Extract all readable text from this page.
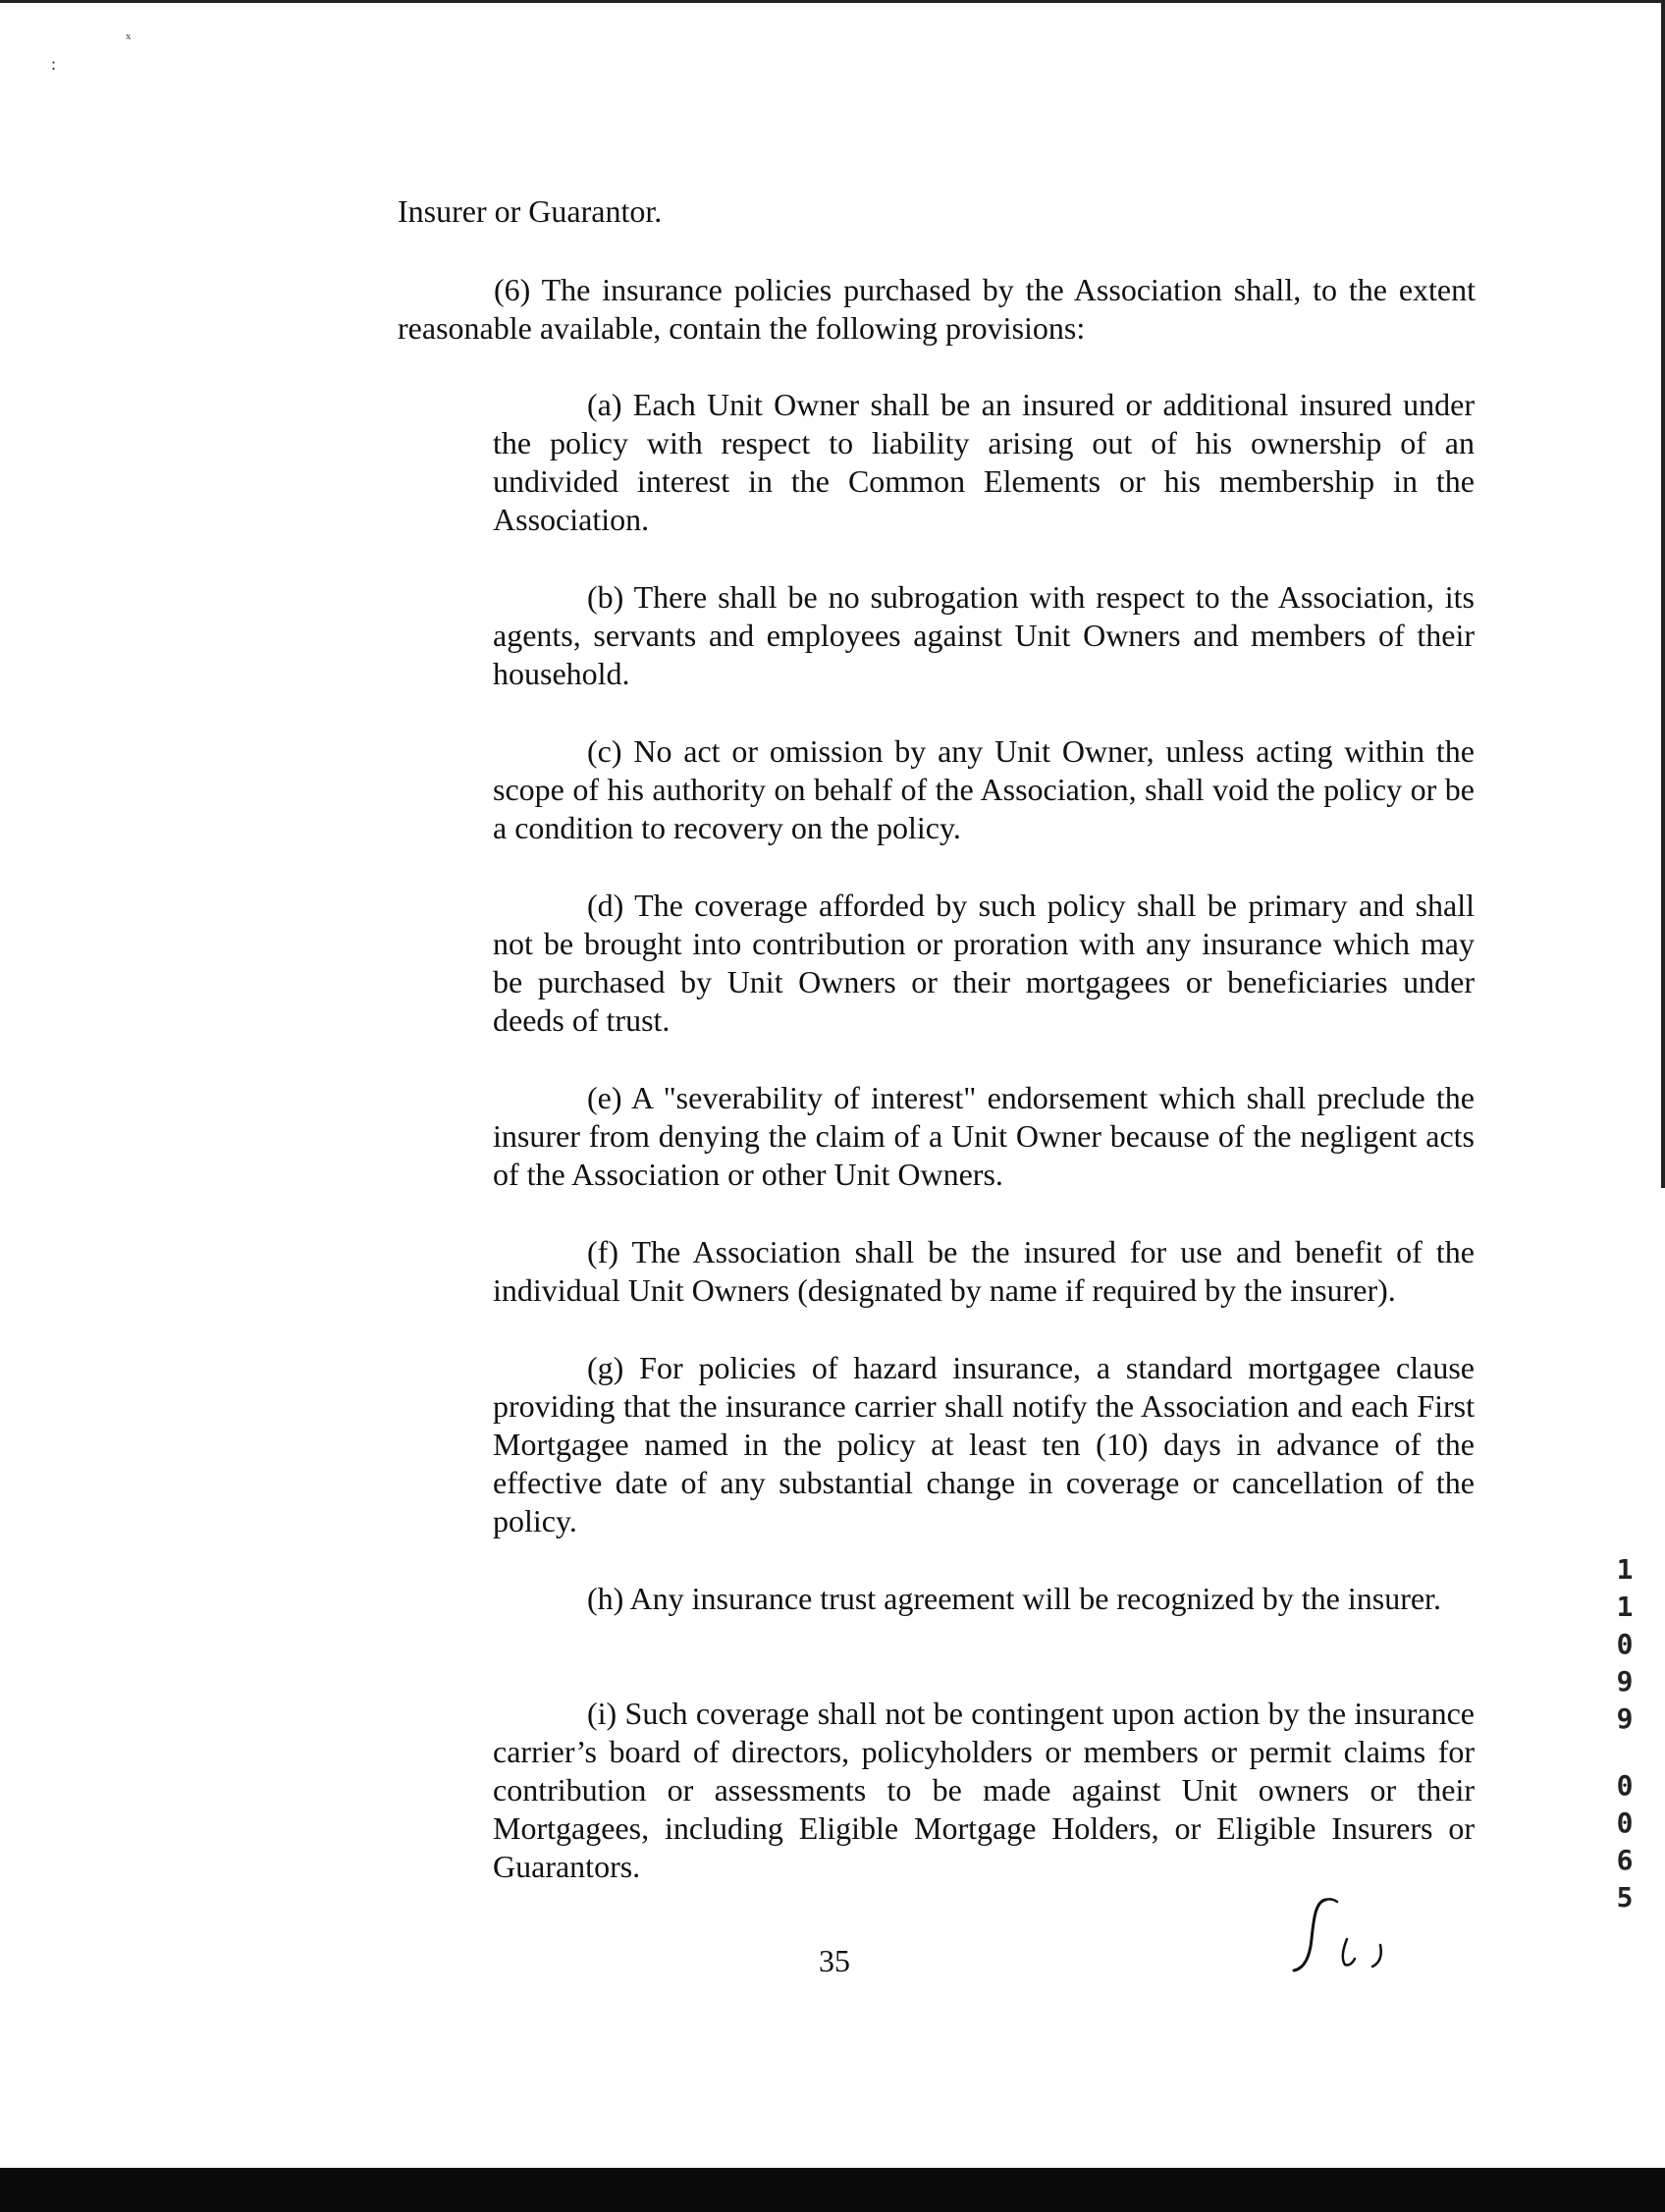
ˣ
:

Insurer or Guarantor.

(6) The insurance policies purchased by the Association shall, to the extent reasonable available, contain the following provisions:

(a) Each Unit Owner shall be an insured or additional insured under the policy with respect to liability arising out of his ownership of an undivided interest in the Common Elements or his membership in the Association.

(b) There shall be no subrogation with respect to the Association, its agents, servants and employees against Unit Owners and members of their household.

(c) No act or omission by any Unit Owner, unless acting within the scope of his authority on behalf of the Association, shall void the policy or be a condition to recovery on the policy.

(d) The coverage afforded by such policy shall be primary and shall not be brought into contribution or proration with any insurance which may be purchased by Unit Owners or their mortgagees or beneficiaries under deeds of trust.

(e) A "severability of interest" endorsement which shall preclude the insurer from denying the claim of a Unit Owner because of the negligent acts of the Association or other Unit Owners.

(f) The Association shall be the insured for use and benefit of the individual Unit Owners (designated by name if required by the insurer).

(g) For policies of hazard insurance, a standard mortgagee clause providing that the insurance carrier shall notify the Association and each First Mortgagee named in the policy at least ten (10) days in advance of the effective date of any substantial change in coverage or cancellation of the policy.

(h) Any insurance trust agreement will be recognized by the insurer.

(i) Such coverage shall not be contingent upon action by the insurance carrier’s board of directors, policyholders or members or permit claims for contribution or assessments to be made against Unit owners or their Mortgagees, including Eligible Mortgage Holders, or Eligible Insurers or Guarantors.

35
1
1
0
9
9
0
0
6
5
